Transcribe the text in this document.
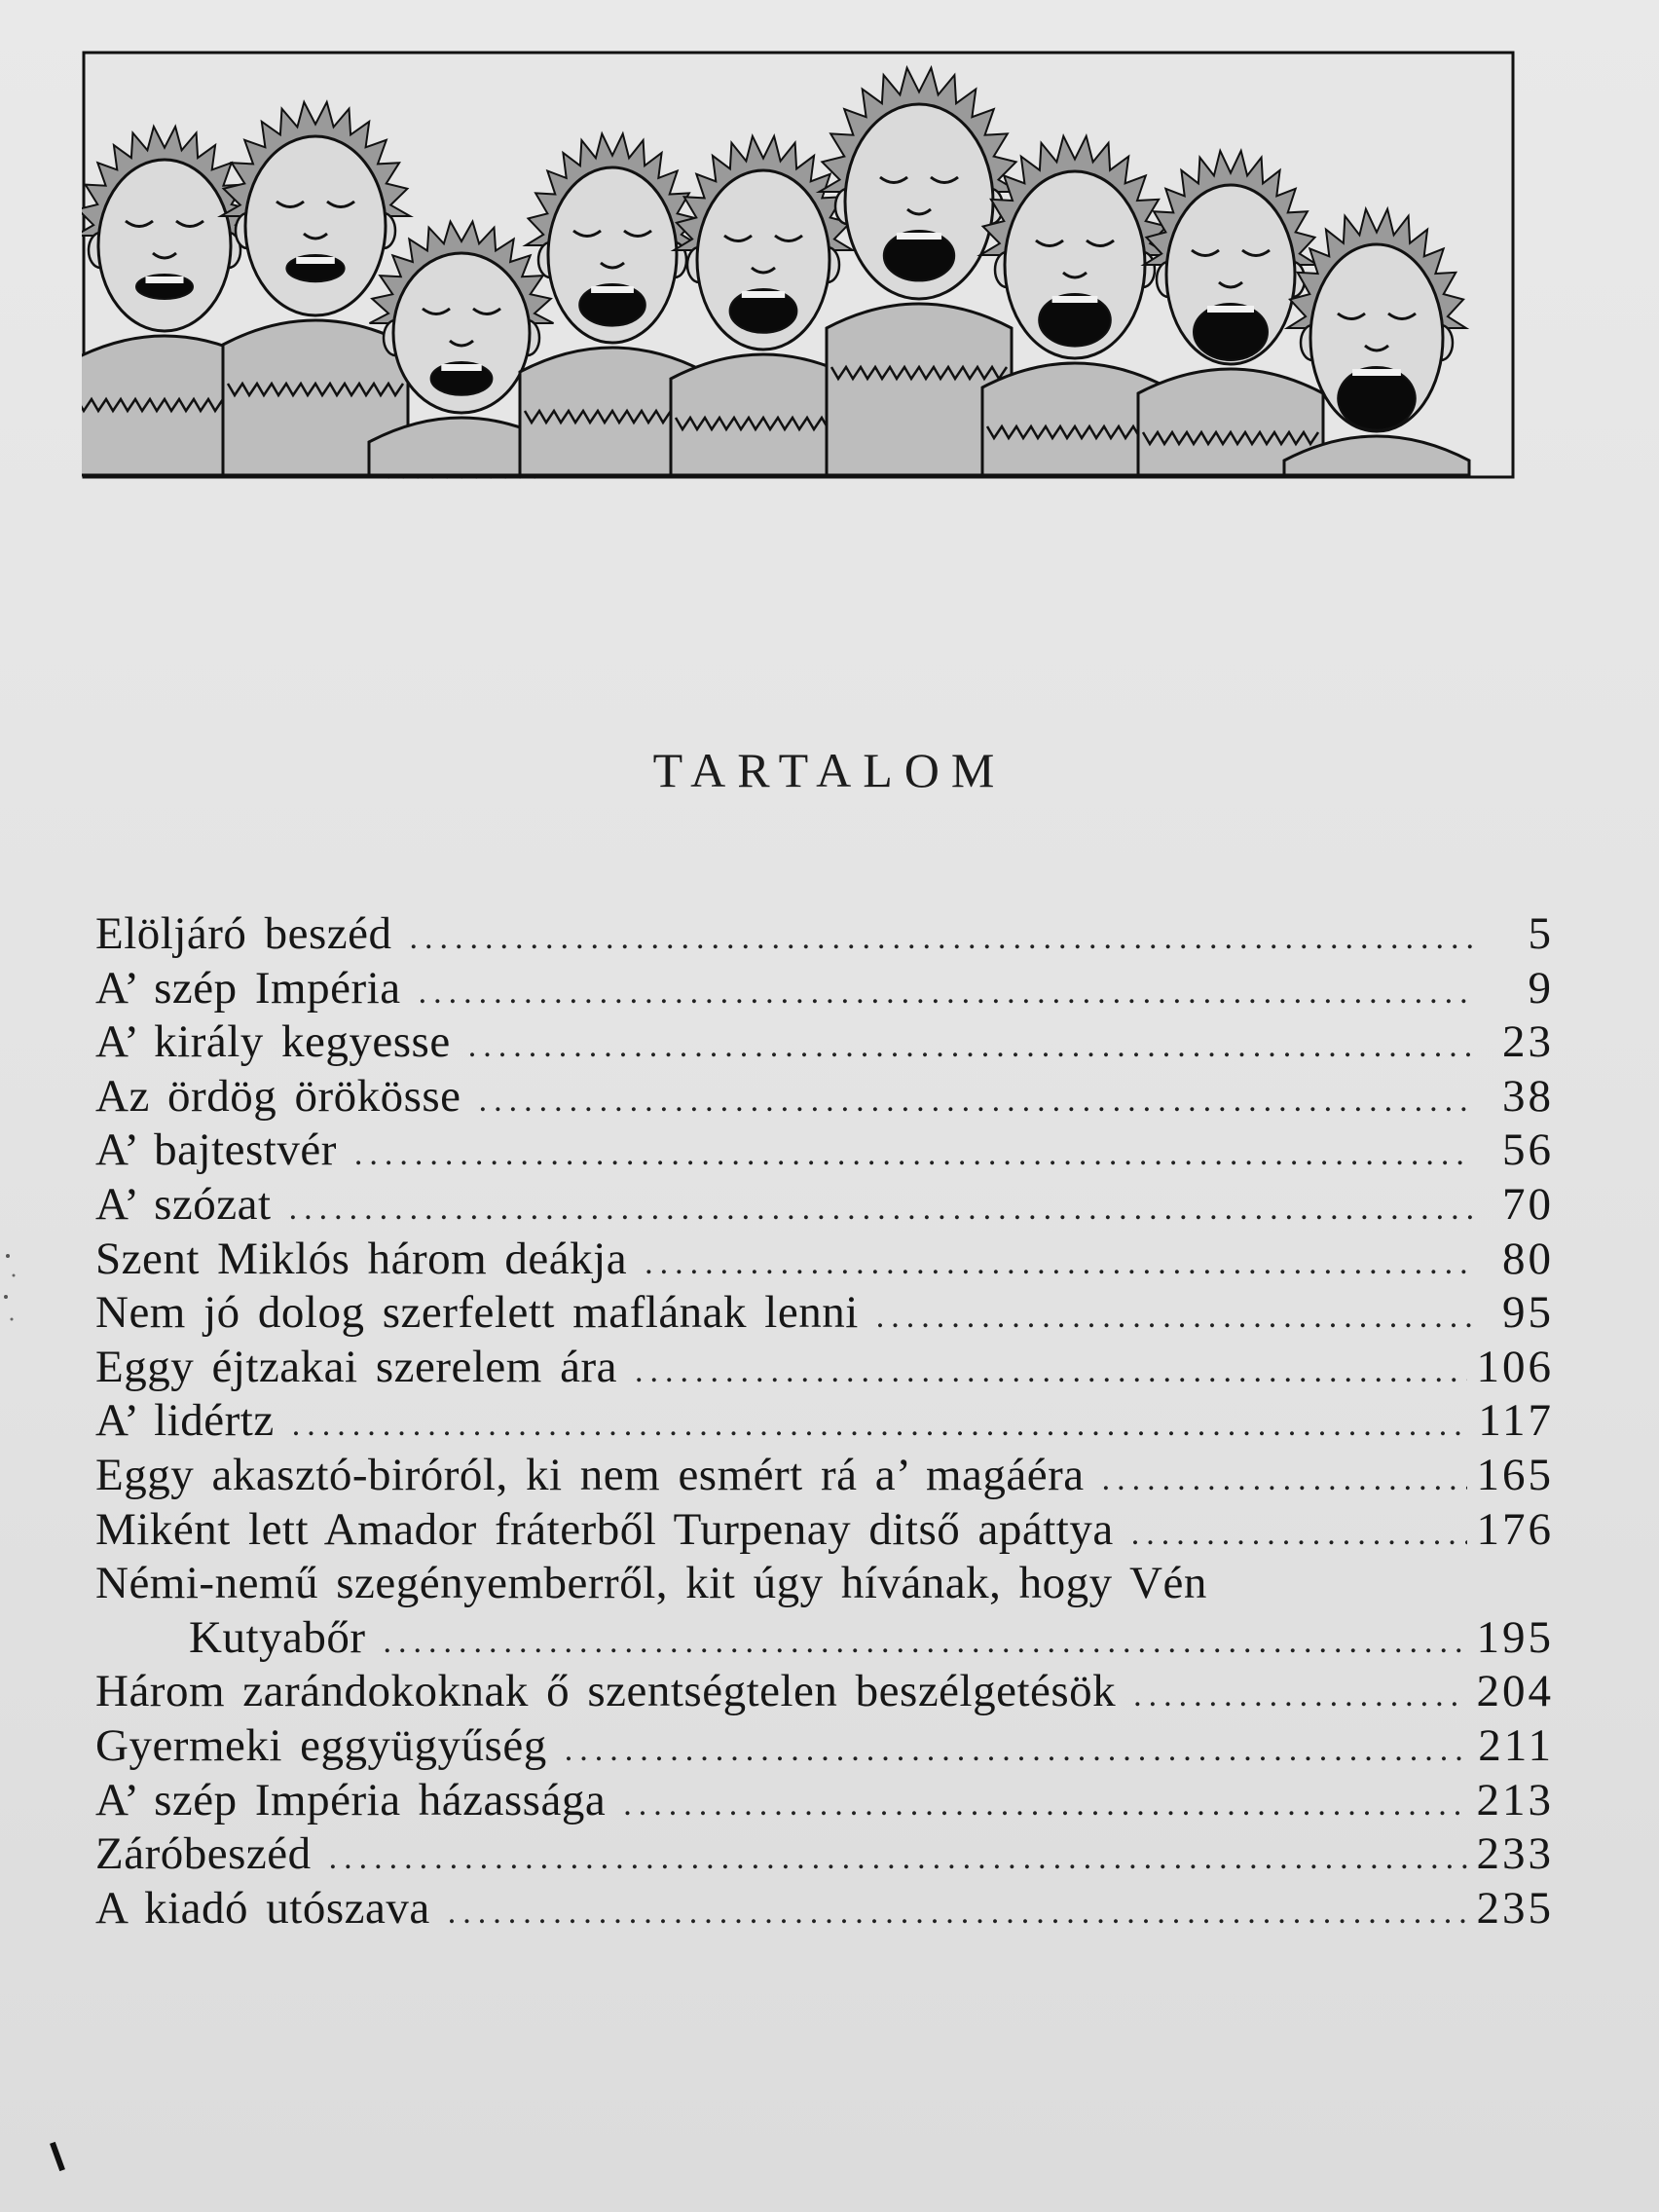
TARTALOM
Elöljáró beszéd .....	5
A’ szép Impéria .....	9
A’ király kegyesse .....	23
Az ördög örökösse .....	38
A’ bajtestvér .....	56
A’ szózat .....	70
Szent Miklós három deákja .....	80
Nem jó dolog szerfelett maflának lenni .....	95
Eggy éjtzakai szerelem ára .....	106
A’ lidértz .....	117
Eggy akasztó-biróról, ki nem esmért rá a’ magáéra .....	165
Miként lett Amador fráterből Turpenay ditső apáttya .....	176
Némi-nemű szegényemberről, kit úgy hívának, hogy Vén
Kutyabőr .....	195
Három zarándokoknak ő szentségtelen beszélgetésök .....	204
Gyermeki eggyügyűség .....	211
A’ szép Impéria házassága .....	213
Záróbeszéd .....	233
A kiadó utószava .....	235
